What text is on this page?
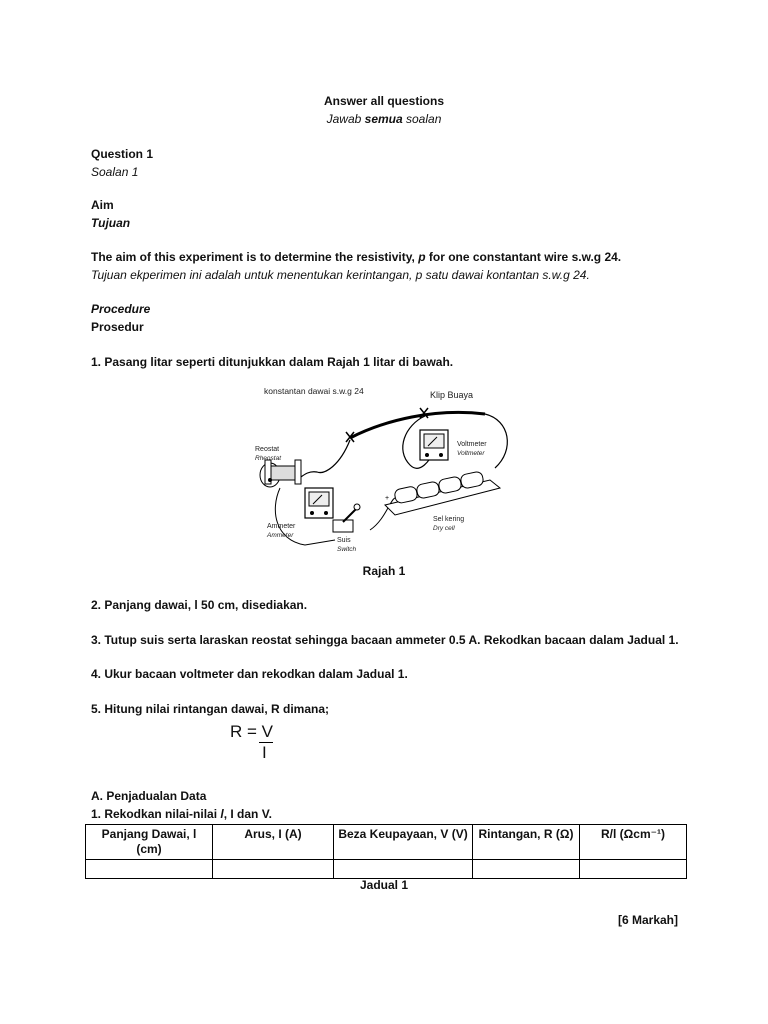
Answer all questions
Jawab semua soalan
Question 1
Soalan 1
Aim
Tujuan
The aim of this experiment is to determine the resistivity, p for one constantant wire s.w.g 24.
Tujuan ekperimen ini adalah untuk menentukan kerintangan, p satu dawai kontantan s.w.g 24.
Procedure
Prosedur
1. Pasang litar seperti ditunjukkan dalam Rajah 1 litar di bawah.
+
konstantan dawai s.w.g 24	Klip Buaya
Reostat
Rheostat
Voltmeter
Voltmeter
Ammeter
Ammeter
Suis
Switch
Sel kering
Dry cell
Rajah 1
2. Panjang dawai, l 50 cm, disediakan.
3. Tutup suis serta laraskan reostat sehingga bacaan ammeter 0.5 A. Rekodkan bacaan dalam Jadual 1.
4. Ukur bacaan voltmeter dan rekodkan dalam Jadual 1.
5. Hitung nilai rintangan dawai, R dimana;
R = V
I
A. Penjadualan Data
1. Rekodkan nilai-nilai l, I dan V.
Panjang Dawai, l (cm)	Arus, I (A)	Beza Keupayaan, V (V)	Rintangan, R (Ω)	R/l (Ωcm⁻¹)

Jadual 1
[6 Markah]
